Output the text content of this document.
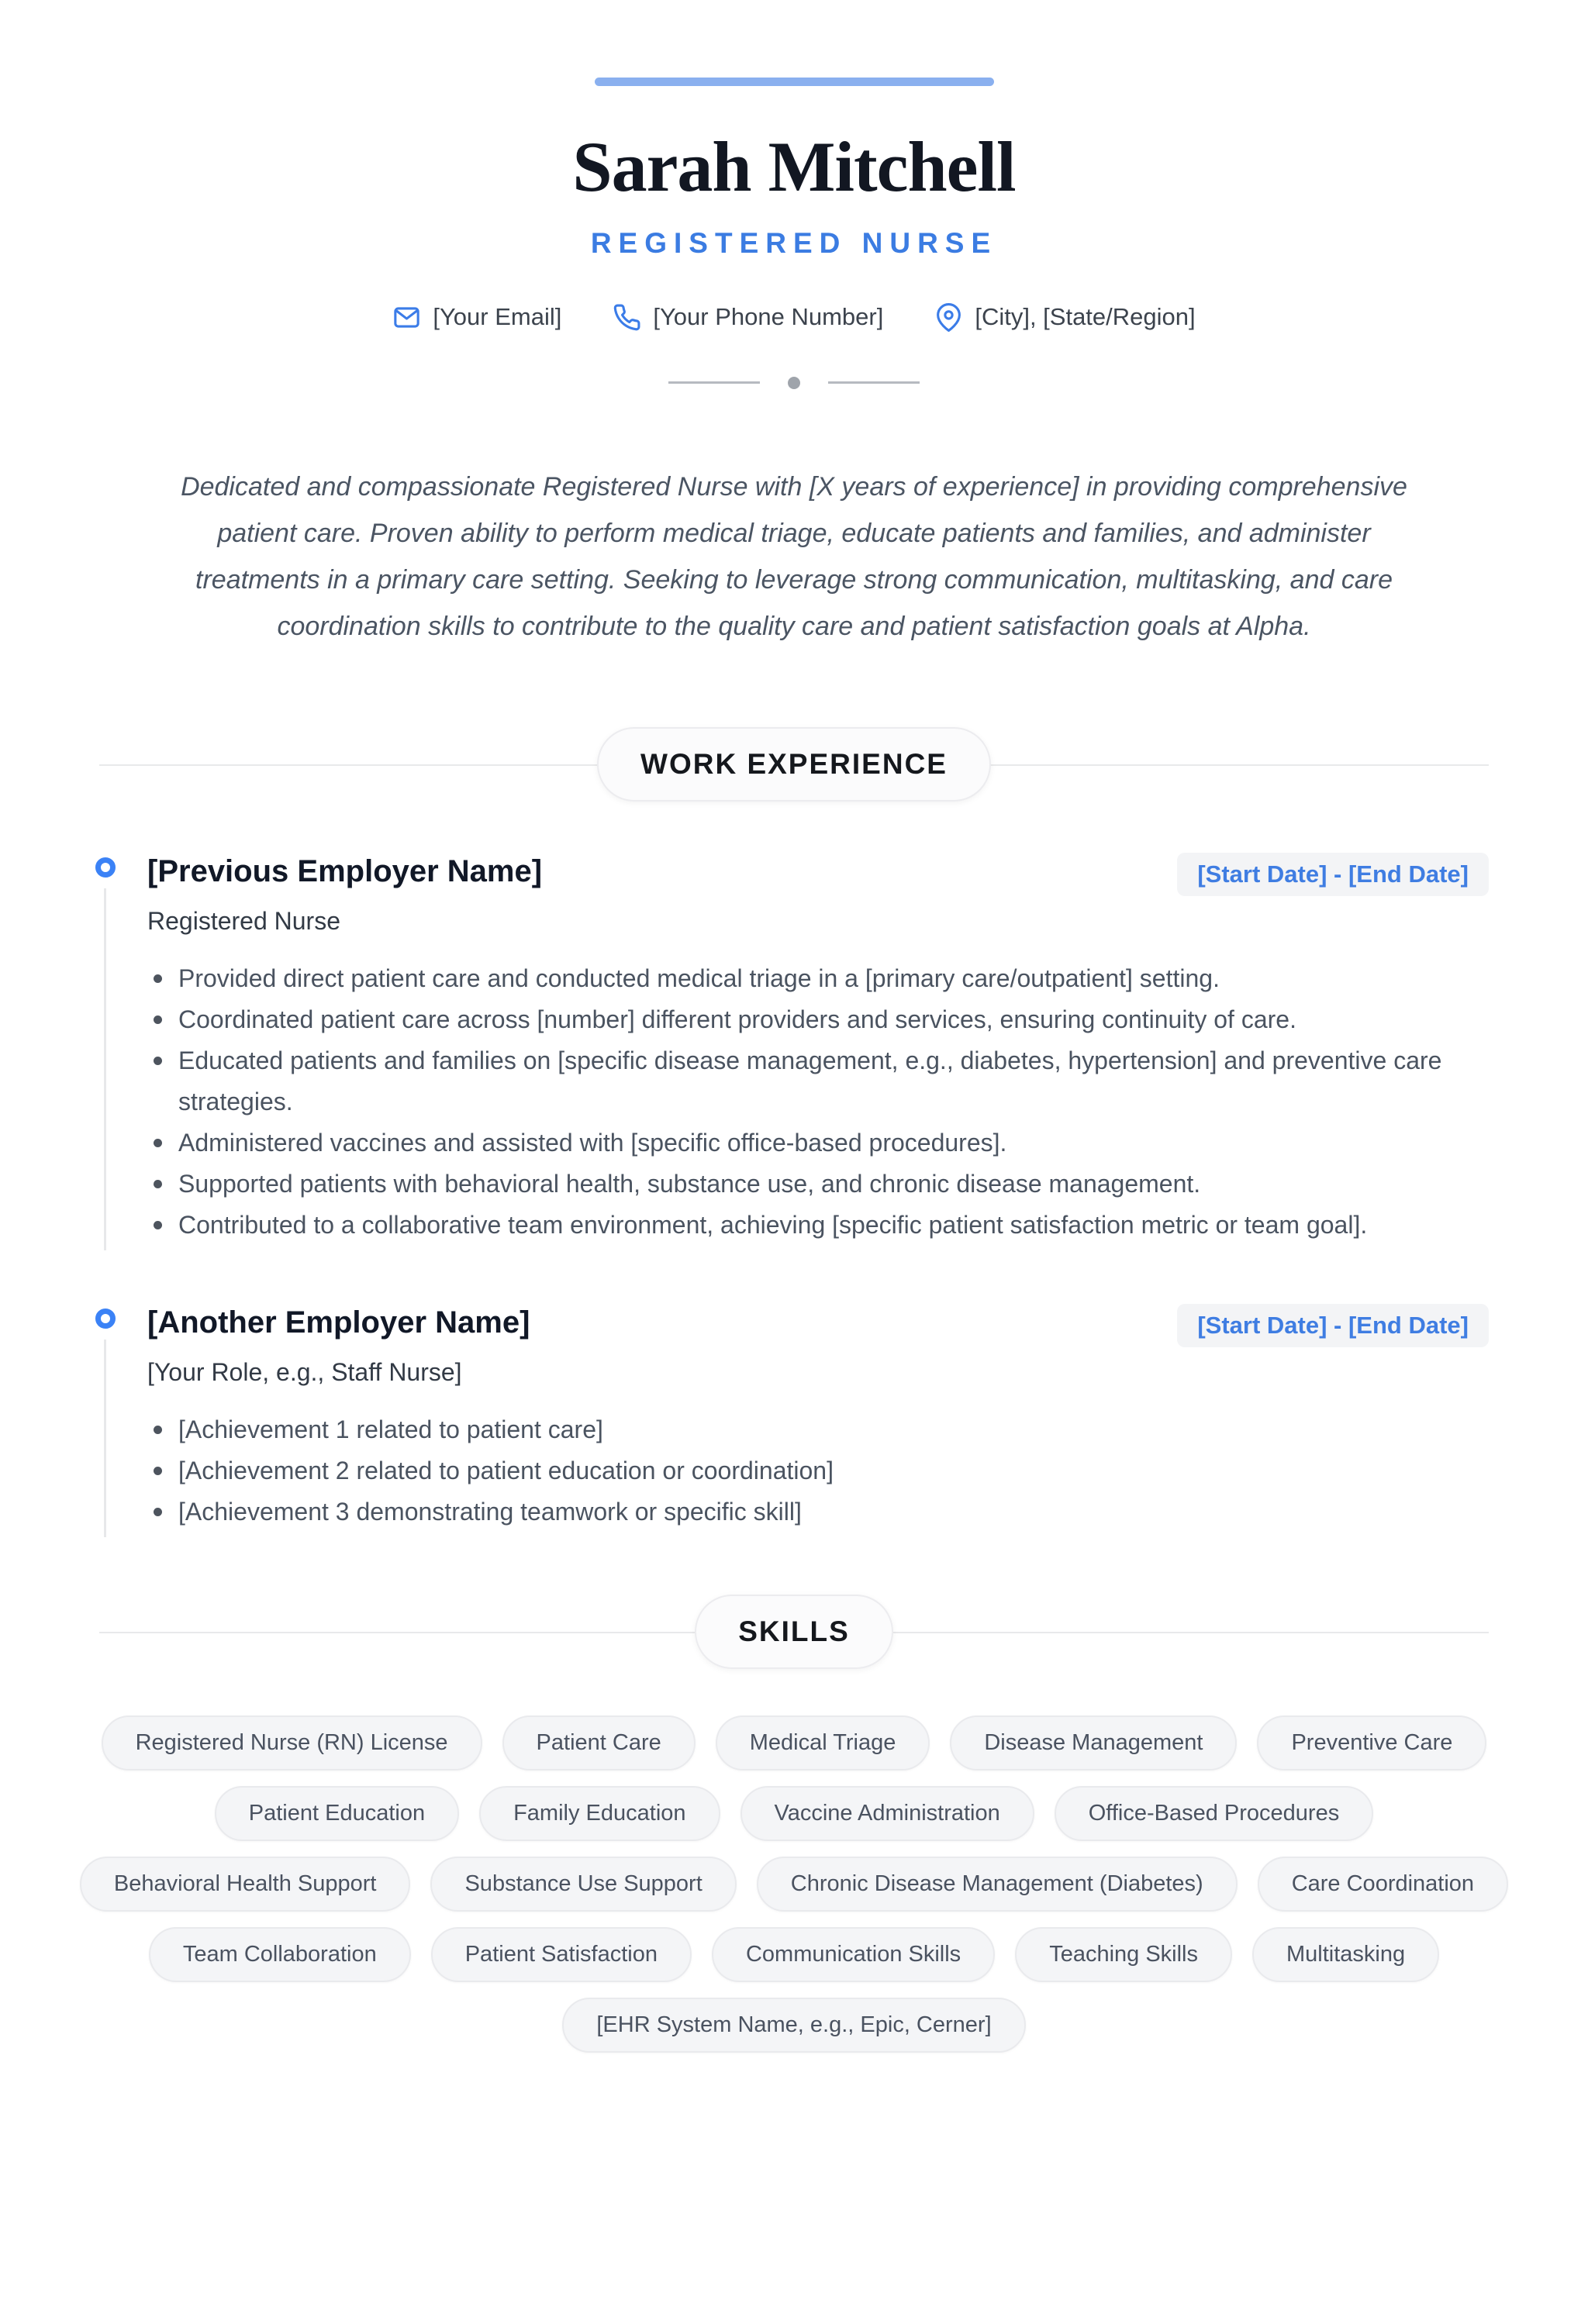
Sarah Mitchell
REGISTERED NURSE
[Your Email]	[Your Phone Number]	[City], [State/Region]

Dedicated and compassionate Registered Nurse with [X years of experience] in providing comprehensive patient care. Proven ability to perform medical triage, educate patients and families, and administer treatments in a primary care setting. Seeking to leverage strong communication, multitasking, and care coordination skills to contribute to the quality care and patient satisfaction goals at Alpha.

WORK EXPERIENCE
[Previous Employer Name]	[Start Date] - [End Date]
Registered Nurse
Provided direct patient care and conducted medical triage in a [primary care/outpatient] setting.
Coordinated patient care across [number] different providers and services, ensuring continuity of care.
Educated patients and families on [specific disease management, e.g., diabetes, hypertension] and preventive care strategies.
Administered vaccines and assisted with [specific office-based procedures].
Supported patients with behavioral health, substance use, and chronic disease management.
Contributed to a collaborative team environment, achieving [specific patient satisfaction metric or team goal].
[Another Employer Name]	[Start Date] - [End Date]
[Your Role, e.g., Staff Nurse]
[Achievement 1 related to patient care]
[Achievement 2 related to patient education or coordination]
[Achievement 3 demonstrating teamwork or specific skill]
SKILLS
Registered Nurse (RN) License	Patient Care	Medical Triage	Disease Management	Preventive Care
Patient Education	Family Education	Vaccine Administration	Office-Based Procedures
Behavioral Health Support	Substance Use Support	Chronic Disease Management (Diabetes)	Care Coordination
Team Collaboration	Patient Satisfaction	Communication Skills	Teaching Skills	Multitasking
[EHR System Name, e.g., Epic, Cerner]
